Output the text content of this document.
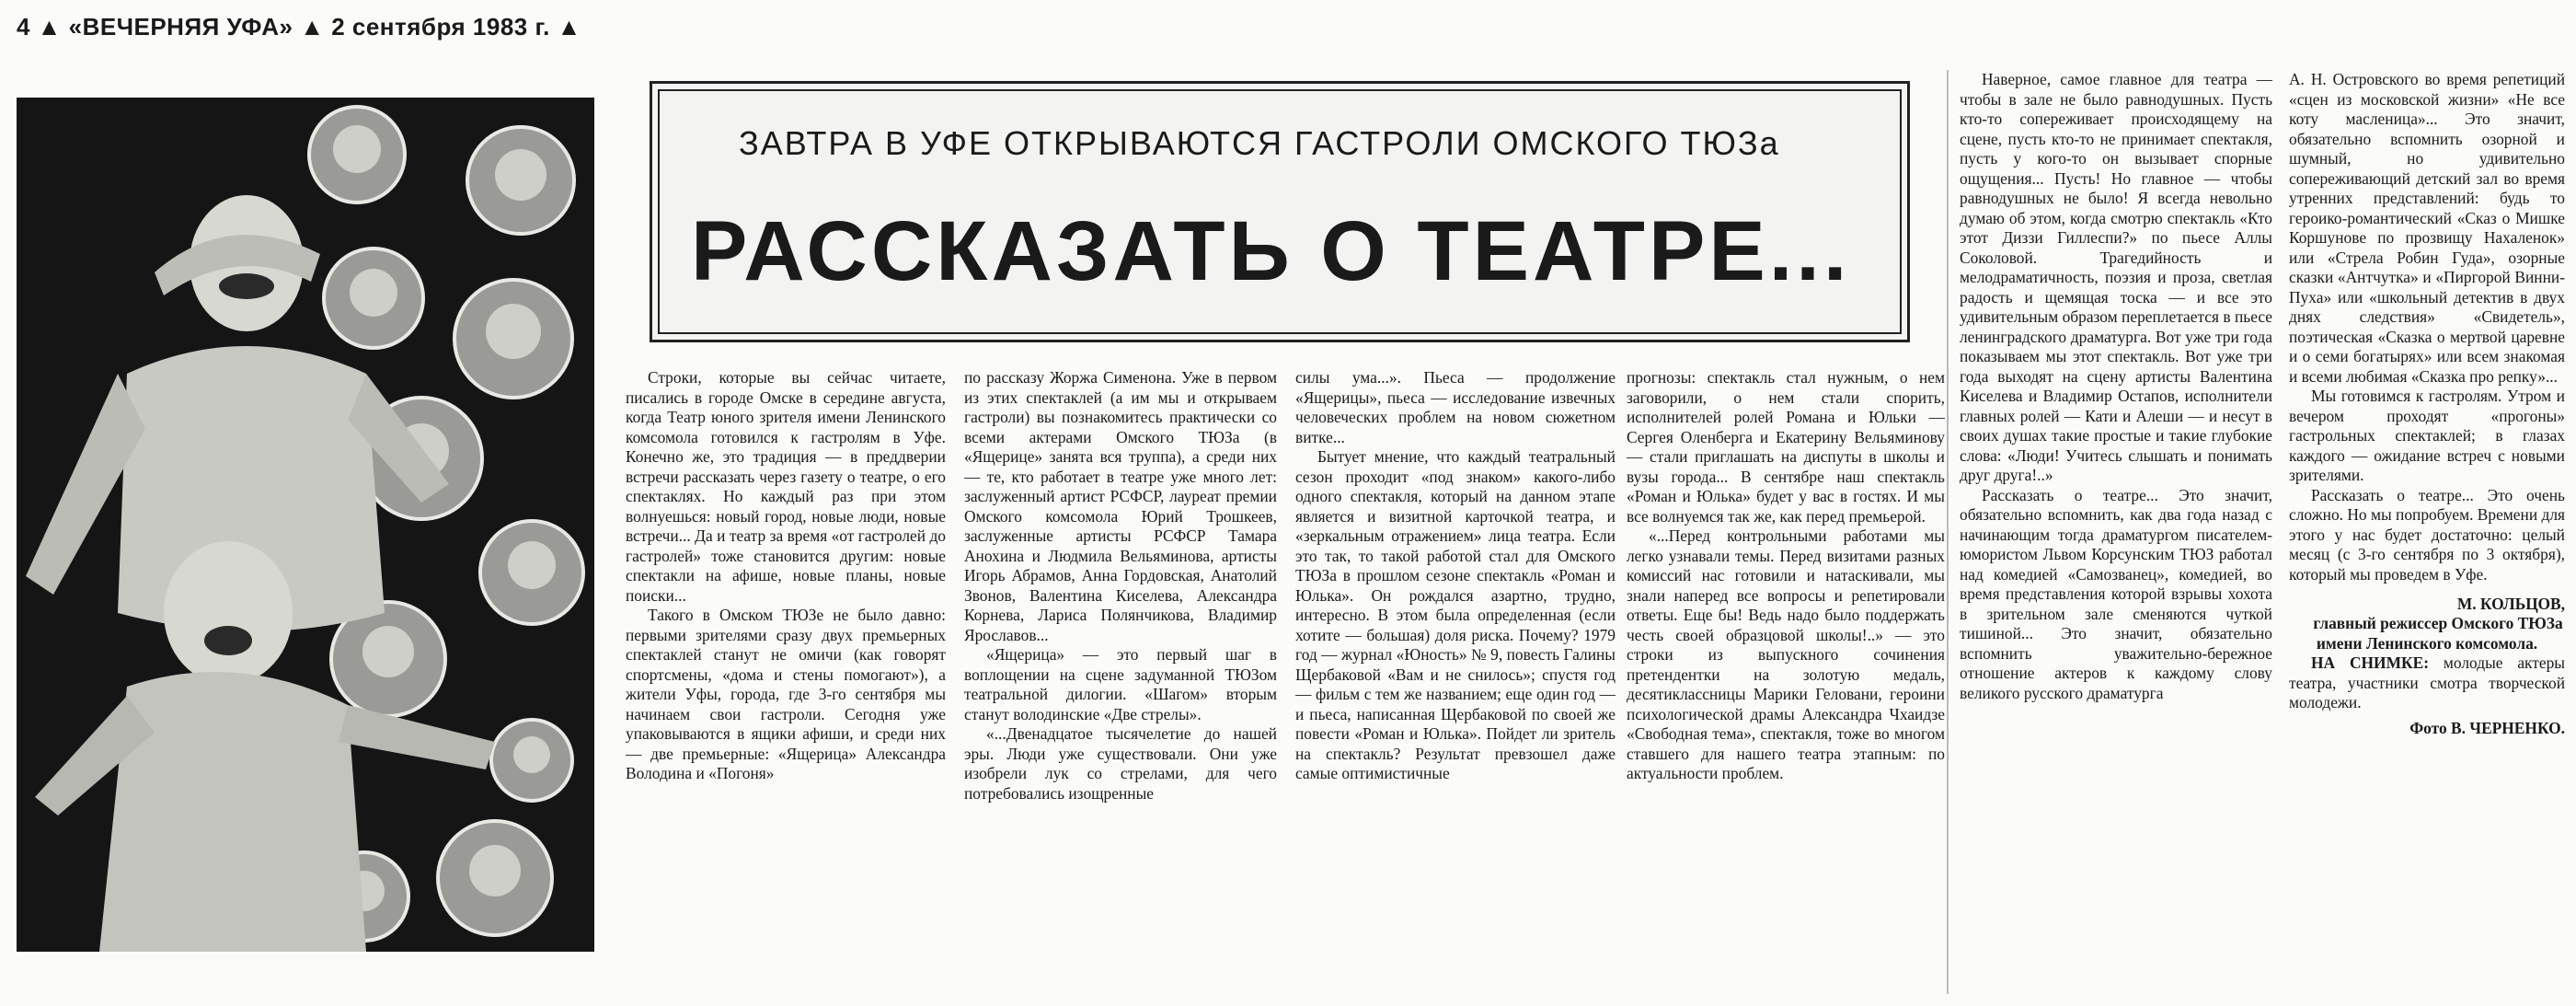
4 ▲ «ВЕЧЕРНЯЯ УФА» ▲ 2 сентября 1983 г. ▲
ЗАВТРА В УФЕ ОТКРЫВАЮТСЯ ГАСТРОЛИ ОМСКОГО ТЮЗа
РАССКАЗАТЬ О ТЕАТРЕ...

Строки, которые вы сейчас читаете, писались в городе Омске в середине августа, когда Театр юного зрителя имени Ленинского комсомола готовился к гастролям в Уфе. Конечно же, это традиция — в преддверии встречи рассказать через газету о театре, о его спектаклях. Но каждый раз при этом волнуешься: новый город, новые люди, новые встречи... Да и театр за время «от гастролей до гастролей» тоже становится другим: новые спектакли на афише, новые планы, новые поиски...

Такого в Омском ТЮЗе не было давно: первыми зрителями сразу двух премьерных спектаклей станут не омичи (как говорят спортсмены, «дома и стены помогают»), а жители Уфы, города, где 3-го сентября мы начинаем свои гастроли. Сегодня уже упаковываются в ящики афиши, и среди них — две премьерные: «Ящерица» Александра Володина и «Погоня»

по рассказу Жоржа Сименона. Уже в первом из этих спектаклей (а им мы и открываем гастроли) вы познакомитесь практически со всеми актерами Омского ТЮЗа (в «Ящерице» занята вся труппа), а среди них — те, кто работает в театре уже много лет: заслуженный артист РСФСР, лауреат премии Омского комсомола Юрий Трошкеев, заслуженные артисты РСФСР Тамара Анохина и Людмила Вельяминова, артисты Игорь Абрамов, Анна Гордовская, Анатолий Звонов, Валентина Киселева, Александра Корнева, Лариса Полянчикова, Владимир Ярославов...

«Ящерица» — это первый шаг в воплощении на сцене задуманной ТЮЗом театральной дилогии. «Шагом» вторым станут володинские «Две стрелы».

«...Двенадцатое тысячелетие до нашей эры. Люди уже существовали. Они уже изобрели лук со стрелами, для чего потребовались изощренные

силы ума...». Пьеса — продолжение «Ящерицы», пьеса — исследование извечных человеческих проблем на новом сюжетном витке...

Бытует мнение, что каждый театральный сезон проходит «под знаком» какого-либо одного спектакля, который на данном этапе является и визитной карточкой театра, и «зеркальным отражением» лица театра. Если это так, то такой работой стал для Омского ТЮЗа в прошлом сезоне спектакль «Роман и Юлька». Он рождался азартно, трудно, интересно. В этом была определенная (если хотите — большая) доля риска. Почему? 1979 год — журнал «Юность» № 9, повесть Галины Щербаковой «Вам и не снилось»; спустя год — фильм с тем же названием; еще один год — и пьеса, написанная Щербаковой по своей же повести «Роман и Юлька». Пойдет ли зритель на спектакль? Результат превзошел даже самые оптимистичные

прогнозы: спектакль стал нужным, о нем заговорили, о нем стали спорить, исполнителей ролей Романа и Юльки — Сергея Оленберга и Екатерину Вельяминову — стали приглашать на диспуты в школы и вузы города... В сентябре наш спектакль «Роман и Юлька» будет у вас в гостях. И мы все волнуемся так же, как перед премьерой.

«...Перед контрольными работами мы легко узнавали темы. Перед визитами разных комиссий нас готовили и натаскивали, мы знали наперед все вопросы и репетировали ответы. Еще бы! Ведь надо было поддержать честь своей образцовой школы!..» — это строки из выпускного сочинения претендентки на золотую медаль, десятиклассницы Марики Геловани, героини психологической драмы Александра Чхаидзе «Свободная тема», спектакля, тоже во многом ставшего для нашего театра этапным: по актуальности проблем.

Наверное, самое главное для театра — чтобы в зале не было равнодушных. Пусть кто-то сопереживает происходящему на сцене, пусть кто-то не принимает спектакля, пусть у кого-то он вызывает спорные ощущения... Пусть! Но главное — чтобы равнодушных не было! Я всегда невольно думаю об этом, когда смотрю спектакль «Кто этот Диззи Гиллеспи?» по пьесе Аллы Соколовой. Трагедийность и мелодраматичность, поэзия и проза, светлая радость и щемящая тоска — и все это удивительным образом переплетается в пьесе ленинградского драматурга. Вот уже три года показываем мы этот спектакль. Вот уже три года выходят на сцену артисты Валентина Киселева и Владимир Остапов, исполнители главных ролей — Кати и Алеши — и несут в своих душах такие простые и такие глубокие слова: «Люди! Учитесь слышать и понимать друг друга!..»

Рассказать о театре... Это значит, обязательно вспомнить, как два года назад с начинающим тогда драматургом писателем-юмористом Львом Корсунским ТЮЗ работал над комедией «Самозванец», комедией, во время представления которой взрывы хохота в зрительном зале сменяются чуткой тишиной... Это значит, обязательно вспомнить уважительно-бережное отношение актеров к каждому слову великого русского драматурга

А. Н. Островского во время репетиций «сцен из московской жизни» «Не все коту масленица»... Это значит, обязательно вспомнить озорной и шумный, но удивительно сопереживающий детский зал во время утренних представлений: будь то героико-романтический «Сказ о Мишке Коршунове по прозвищу Нахаленок» или «Стрела Робин Гуда», озорные сказки «Антчутка» и «Пиргорой Винни-Пуха» или «школьный детектив в двух днях следствия» «Свидетель», поэтическая «Сказка о мертвой царевне и о семи богатырях» или всем знакомая и всеми любимая «Сказка про репку»...

Мы готовимся к гастролям. Утром и вечером проходят «прогоны» гастрольных спектаклей; в глазах каждого — ожидание встреч с новыми зрителями.

Рассказать о театре... Это очень сложно. Но мы попробуем. Времени для этого у нас будет достаточно: целый месяц (с 3-го сентября по 3 октября), который мы проведем в Уфе.

М. КОЛЬЦОВ,

главный режиссер Омского ТЮЗа имени Ленинского комсомола.

НА СНИМКЕ: молодые актеры театра, участники смотра творческой молодежи.

Фото В. ЧЕРНЕНКО.
